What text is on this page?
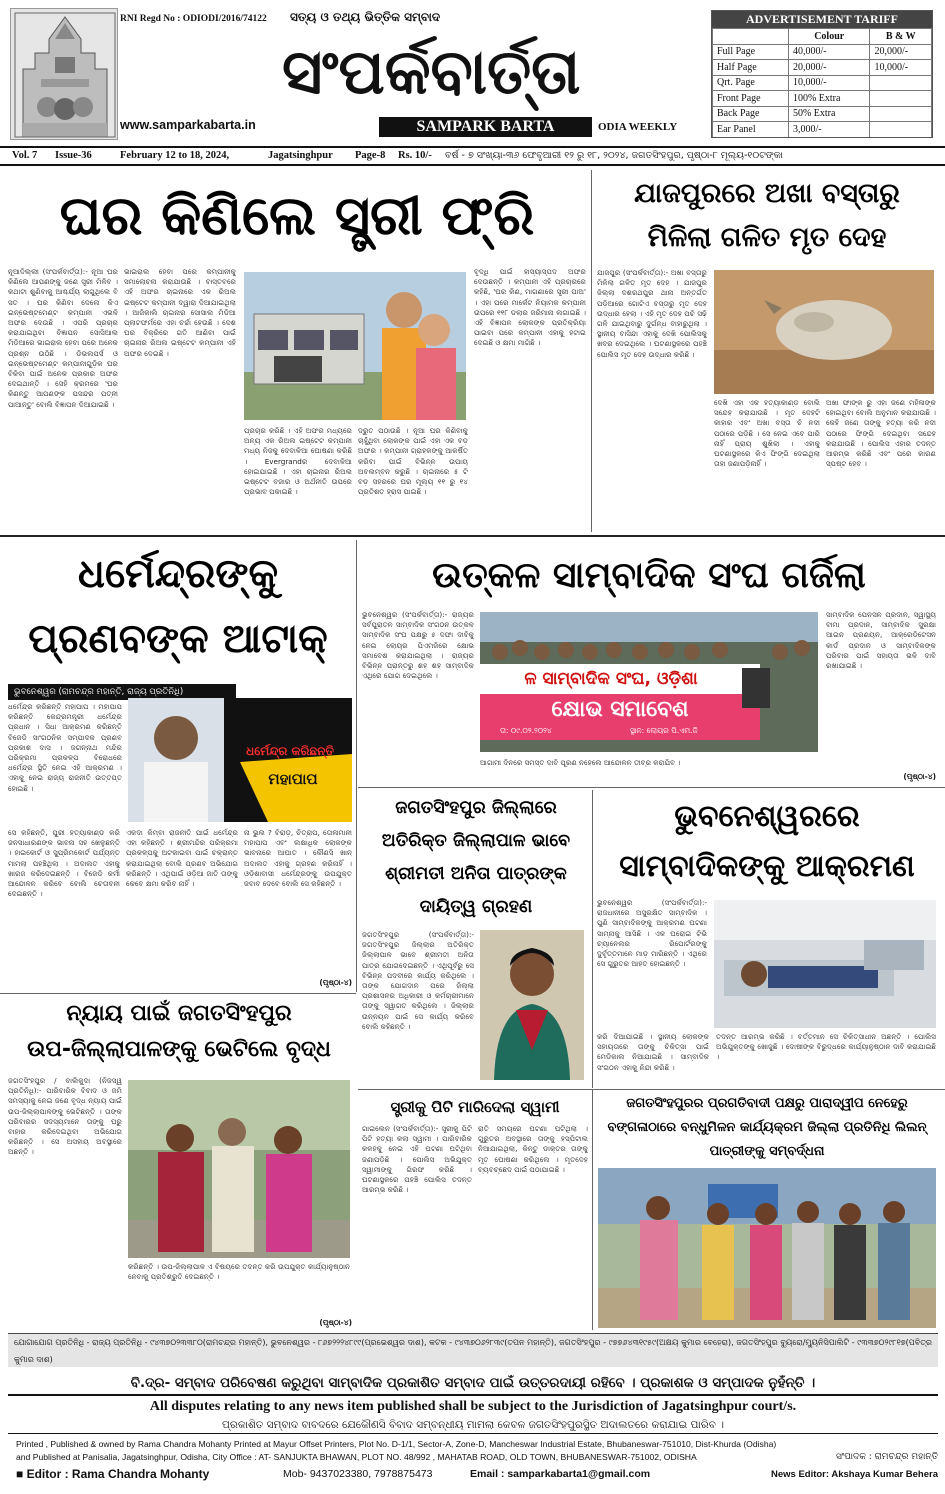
RNI Regd No : ODIODI/2016/74122	ସତ୍ୟ ଓ ତଥ୍ୟ ଭିତ୍ତିକ ସମ୍ବାଦ
ସଂପର୍କବାର୍ତ୍ତା
SAMPARK BARTA	ODIA WEEKLY
www.samparkabarta.in
ADVERTISEMENT TARIFF
	Colour	B & W
Full Page	40,000/-	20,000/-
Half Page	20,000/-	10,000/-
Qrt. Page	10,000/-	
Front Page	100% Extra	
Back Page	50% Extra	
Ear Panel	3,000/-	
Vol. 7 Issue-36	February 12 to 18, 2024,	Jagatsinghpur Page-8 Rs. 10/- ବର୍ଷ - ୭ ସଂଖ୍ୟା-୩୬ ଫେବୃଆରୀ ୧୨ ରୁ ୧୮, ୨୦୨୪, ଜଗତସିଂହପୁର, ପୃଷ୍ଠା-୮ ମୂଲ୍ୟ-୧୦ଟଙ୍କା
ଘର କିଣିଲେ ସ୍ତ୍ରୀ ଫ୍ରି
ନୂଆଦିଲ୍ଲୀ (ସଂପର୍କବାର୍ତ୍ତା):- ନୂଆ ଘର କିଣିଲେ ଆପଣଙ୍କୁ ଜଣେ ସ୍ତ୍ରୀ ମିଳିବ । କଥାଟା ଶୁଣିବାକୁ ଆଶ୍ଚର୍ଯ୍ୟ ଲାଗୁଥିଲେ ବି ସତ । ଘର କିଣିବା ଦେଲେ କିଏ ଇନ୍‌ଭେଷ୍ଟମେଣ୍ଟ କମ୍ପାନୀ ଏଭଳି ଅଫର ଦେଉଛି । ଏପରି ପ୍ରଚାର କରାଯାଇଥିବା ବିଜ୍ଞାପନ ସୋସିଆଲ ମିଡିଆରେ ଭାଇରାଲ ହେବା ପରେ ଅନେକ ପ୍ରଶ୍ନ ଉଠିଛି । ଡିଭଲପର୍ସ ଓ ଇନ୍‌ଭେଷ୍ଟମେଣ୍ଟ କମ୍ପାନୀଗୁଡ଼ିକ ଘର ବିକିବା ପାଇଁ ଅନେକ ପ୍ରକାର ଅଫର ଦେଇଥାନ୍ତି । ସେହି କ୍ରମରେ 'ଘର କିଣନ୍ତୁ ଆପଣଙ୍କ ପସନ୍ଦର ପତ୍ନୀ ପାଆନ୍ତୁ' ବୋଲି ବିଜ୍ଞାପନ ଦିଆଯାଇଛି ।
ଭାଇରାଲ ହେବା ପରେ କମ୍ପାନୀକୁ ସମାଲୋଚନା କରାଯାଉଛି । ବାସ୍ତବରେ ଏହି ଅଫର ଚାଇନାରେ ଏକ ରିଅଲ ଇଷ୍ଟେଟ କମ୍ପାନୀ ଦ୍ୱାରା ଦିଆଯାଇଥିଲା । ଆଜିକାଲି ଚାଇନାର ସୋସାଲ ମିଡିଆ ପ୍ଲାଟଫର୍ମରେ ଏହା ଚର୍ଚ୍ଚା ହେଉଛି । ଦେଶ ଘର ବିକ୍ରିରେ ଗତି ଆଣିବା ପାଇଁ ଚାଇନାର ରିଅଲ ଇଷ୍ଟେଟ କମ୍ପାନୀ ଏହି ଅଫର ଦେଇଛି ।
ପ୍ରଚାର କରିଛି । ଏହି ଅଫର ମଧ୍ୟରେ ଅନ୍ୟ ଏକ ରିଅଲ ଇଷ୍ଟେଟ କମ୍ପାନୀ ମଧ୍ୟ ନିଜକୁ ଦେବାଳିଆ ଘୋଷଣା କରିଛି । Evergrandର ଦେବାଳିଆ ହୋଇଯାଇଛି । ଏହା ଚାଇନାର ରିଅଲ ଇଷ୍ଟେଟ ବଜାର ଓ ଅର୍ଥନୀତି ଉପରେ ପ୍ରଭାବ ପକାଇଛି ।
ଦ୍ରୁତ ପଠାଉଛି । ନୂଆ ଘର କିଣିବାକୁ ଚାହୁଁଥିବା ଲୋକଙ୍କ ପାଇଁ ଏହା ଏକ ବଡ଼ ଅଫର । କମ୍ପାନୀ ଗ୍ରାହକଙ୍କୁ ଆକର୍ଷିତ କରିବା ପାଇଁ ବିଭିନ୍ନ ଉପାୟ ଅବଲମ୍ବନ କରୁଛି । ଚାଇନାରେ ୫ ଟି ବଡ଼ ସହରରେ ଘର ମୂଲ୍ୟ ୧୧ ରୁ ୧୪ ପ୍ରତିଶତ ହ୍ରାସ ପାଇଛି ।
ବୃଦ୍ଧି ପାଇଁ ହାସ୍ୟାସ୍ପଦ ଅଫର ଦେଉଛନ୍ତି । କମ୍ପାନୀ ଏହି ପ୍ରଚାରରେ କହିଛି, 'ଘର କିଣ, ମାଗଣାରେ ସ୍ତ୍ରୀ ପାଅ' । ଏହା ପରେ ମାର୍କେଟ ନିୟାମକ କମ୍ପାନୀ ଉପରେ ୧୧୮ ଡଲାର ଜରିମାନା ଲଗାଇଛି । ଏହି ବିଜ୍ଞାପନ ଲୋକଙ୍କ ପ୍ରତିକ୍ରିୟା ପାଇବା ପରେ କମ୍ପାନୀ ଏହାକୁ ହଟାଇ ଦେଇଛି ଓ କ୍ଷମା ମାଗିଛି ।
ଯାଜପୁରରେ ଅଖା ବସ୍ତାରୁ
ମିଳିଲା ଗଳିତ ମୃତ ଦେହ
ଯାଜପୁର (ସଂପର୍କବାର୍ତ୍ତା):- ଅଖା ବସ୍ତାରୁ ମିଳିଲା ଗଳିତ ମୃତ ଦେହ । ଯାଜପୁର ଜିଲ୍ଲା ଦଶରଥପୁର ଥାନା ଅନ୍ତର୍ଗତ ପଡ଼ିଆରେ ଗୋଟିଏ ବସ୍ତାରୁ ମୃତ ଦେହ ଉଦ୍ଧାର ହେଲା । ଏହି ମୃତ ଦେହ ପଚି ସଢ଼ି ଗଳି ଯାଇଥିବାରୁ ଦୁର୍ଗନ୍ଧ ବାହାରୁଥିଲା । ସ୍ଥାନୀୟ ବାସିନ୍ଦା ଏହାକୁ ଦେଖି ପୋଲିସକୁ ଖବର ଦେଇଥିଲେ । ଘଟଣାସ୍ଥଳରେ ପହଞ୍ଚି ପୋଲିସ ମୃତ ଦେହ ଉଦ୍ଧାର କରିଛି ।
ଦେଖି ଏହା ଏକ ହତ୍ୟାକାଣ୍ଡ ବୋଲି ସନ୍ଦେହ କରାଯାଉଛି । ମୃତ ଦେହଟି କାହାର ଏବଂ ଅଖା ବସ୍ତା ଚି ନଦୀ ପଠାରେ ପଡ଼ିଛି । ସେ ନେଇ ଏବେ ପାରି ନାହିଁ ପ୍ରାୟ ଶୁଖିଲା । ଏହାକୁ ଘଟଣାସ୍ଥଳରେ କିଏ ଫିଙ୍ଗି ଦେଇଥିଲା ତାହା ଜଣାପଡ଼ିନାହିଁ ।
ଅଖା ଫାଙ୍କ ରୁ ଏହା ଜଣେ ମହିଳାଙ୍କ ହୋଇଥିବା ବୋଲି ଅନୁମାନ କରାଯାଉଛି । କେହି ଜଣେ ତାଙ୍କୁ ହତ୍ୟା କରି ନଦୀ ପଠାରେ ଫିଙ୍ଗି ଦେଇଥିବା ସନ୍ଦେହ କରାଯାଉଛି । ପୋଲିସ ଏହାର ତଦନ୍ତ ଆରମ୍ଭ କରିଛି ଏବଂ ପରେ କାରଣ ସ୍ପଷ୍ଟ ହେବ ।
ଧର୍ମେନ୍ଦ୍ରଙ୍କୁ
ପ୍ରଣବଙ୍କ ଆଟାକ୍
ଭୁବନେଶ୍ୱର (ରାମଚନ୍ଦ୍ର ମହାନ୍ତି, ରାଜ୍ୟ ପ୍ରତିନିଧି)
ଧର୍ମେନ୍ଦ୍ର କରିଛନ୍ତି
ମହାପାପ
ଧର୍ମେନ୍ଦ୍ର କରିଛନ୍ତି ମହାପାପ । ମହାପାପ କରିଛନ୍ତି କେନ୍ଦ୍ରମନ୍ତ୍ରୀ ଧର୍ମେନ୍ଦ୍ର ପ୍ରଧାନ । ସିଧା ଆକ୍ରମଣ କରିଛନ୍ତି ବିଜେଡି ସାଂଗଠନିକ ସମ୍ପାଦକ ପ୍ରଣବ ପ୍ରକାଶ ଦାସ । ଜଗନ୍ନାଥ ମନ୍ଦିର ପରିକ୍ରମା ପ୍ରକଳ୍ପ ବିରୋଧରେ ଧର୍ମେନ୍ଦ୍ର ସ୍ଥିତି ନେଇ ଏହି ଆକ୍ରମଣ । ଏହାକୁ ନେଇ ରାଜ୍ୟ ରାଜନୀତି ଉତ୍ତପ୍ତ ହୋଇଛି ।
ସେ କହିଛନ୍ତି, ପୁରୀ ହତ୍ୟାକାଣ୍ଡ କରି ଜନସାଧାରଣଙ୍କ ଭାବନା ସହ ଖେଳୁଛନ୍ତି । ହାଇକୋର୍ଟ ଓ ସୁପ୍ରିମକୋର୍ଟ ପର୍ଯ୍ୟନ୍ତ ମାମଲା ପହଞ୍ଚିଥିଲା । ଅଦାଲତ ଏହାକୁ ଖାରଜ କରିଦେଇଛନ୍ତି । ବିଜେଡି କର୍ମୀ ଆନ୍ଦୋଳନ କରିବେ ବୋଲି ଚେତାବନୀ ଦେଇଛନ୍ତି ।
ଏକଦା କିମ୍ବା ରାଜନୀତି ପାଇଁ ଧର୍ମେନ୍ଦ୍ର ଏହା କହିଛନ୍ତି । ଶ୍ରୀମନ୍ଦିର ପରିକ୍ରମା ପ୍ରକଳ୍ପକୁ ଅଟକାଇବା ପାଇଁ ଚକ୍ରାନ୍ତ କରାଯାଇଥିଲା ବୋଲି ପ୍ରଣବ ଅଭିଯୋଗ କରିଛନ୍ତି । ଏଥିପାଇଁ ଓଡ଼ିଆ ଜାତି ତାଙ୍କୁ କେବେ କ୍ଷମା କରିବ ନାହିଁ ।
ନା ଭୁଲ ? ବିରାଡ଼, ଚିତ୍ରାପ, ତୋଳାମାନୀ ମହାପାପ ଏବଂ ଲକ୍ଷାଧିକ ଲୋକଙ୍କ ଭାବନାରେ ଆଘାତ । କୌଣସି ଖାନ୍ ଅଦାଲତ ଏହାକୁ ଗ୍ରହଣ କରିନାହିଁ । ଓଡ଼ିଶାବାସୀ ଧର୍ମେନ୍ଦ୍ରଙ୍କୁ ଉପଯୁକ୍ତ ଜବାବ ଦେବେ ବୋଲି ସେ କହିଛନ୍ତି ।
(ପୃଷ୍ଠା-୪)
ଉତ୍କଳ ସାମ୍ବାଦିକ ସଂଘ ଗର୍ଜିଲା
ଭୁବନେଶ୍ୱର (ସଂପର୍କବାର୍ତ୍ତା):- ରାଜ୍ୟର ସର୍ବପୁରାତନ ସାମ୍ବାଦିକ ସଂଗଠନ ଉତ୍କଳ ସାମ୍ବାଦିକ ସଂଘ ପକ୍ଷରୁ ୫ ଦଫା ଦାବିକୁ ନେଇ ଲୋୟର ପିଏମଜିରେ କ୍ଷୋଭ ସମାବେଶ କରାଯାଇଥିଲା । ରାଜ୍ୟର ବିଭିନ୍ନ ପ୍ରାନ୍ତରୁ ଶହ ଶହ ସାମ୍ବାଦିକ ଏଥିରେ ଯୋଗ ଦେଇଥିଲେ ।	ଳ ସାମ୍ବାଦିକ ସଂଘ, ଓଡ଼ିଶା
କ୍ଷୋଭ ସମାବେଶ
ତା: ୦୯.୦୨.୨୦୨୪	ସ୍ଥାନ: ଲୋୟର ପି.ଏମ.ଜି
ଆଗାମୀ ଦିନରେ ସମସ୍ତ ଦାବି ପୂରଣ ନହେଲେ ଆନ୍ଦୋଳନ ତୀବ୍ର କରାଯିବ ।
ସାମ୍ବାଦିକ ପେନସନ ପ୍ରଦାନ, ସ୍ୱାସ୍ଥ୍ୟ ବୀମା ପ୍ରଦାନ, ସାମ୍ବାଦିକ ସୁରକ୍ଷା ଆଇନ ପ୍ରଣୟନ, ଆକ୍ରେଡିଟେସନ କାର୍ଡ ପ୍ରଦାନ ଓ ସାମ୍ବାଦିକଙ୍କ ପରିବାର ପାଇଁ ସହାୟତା ଭଳି ଦାବି ରଖାଯାଇଛି ।
(ପୃଷ୍ଠା-୪)
ଜଗତସିଂହପୁର ଜିଲ୍ଲାରେ ଅତିରିକ୍ତ ଜିଲ୍ଲାପାଳ ଭାବେ ଶ୍ରୀମତୀ ଅନିତା ପାତ୍ରଙ୍କ ଦାୟିତ୍ୱ ଗ୍ରହଣ
ଜଗତସିଂହପୁର (ସଂପର୍କବାର୍ତ୍ତା):- ଜଗତସିଂହପୁର ଜିଲ୍ଲାର ଅତିରିକ୍ତ ଜିଲ୍ଲାପାଳ ଭାବେ ଶ୍ରୀମତୀ ଅନିତା ପାତ୍ର ଯୋଗଦେଇଛନ୍ତି । ଏଥିପୂର୍ବରୁ ସେ ବିଭିନ୍ନ ପଦବୀରେ କାର୍ଯ୍ୟ କରିଥିଲେ । ତାଙ୍କ ଯୋଗଦାନ ପରେ ଜିଲ୍ଲା ପ୍ରଶାସନର ଅଧିକାରୀ ଓ କର୍ମଚାରୀମାନେ ତାଙ୍କୁ ସ୍ୱାଗତ କରିଥିଲେ । ଜିଲ୍ଲାର ଉନ୍ନୟନ ପାଇଁ ସେ କାର୍ଯ୍ୟ କରିବେ ବୋଲି କହିଛନ୍ତି ।
ଭୁବନେଶ୍ୱରରେ
ସାମ୍ବାଦିକଙ୍କୁ ଆକ୍ରମଣ
ଭୁବନେଶ୍ୱର (ସଂପର୍କବାର୍ତ୍ତା):- ରାଜଧାନୀରେ ଅସୁରକ୍ଷିତ ସାମ୍ବାଦିକ । ପୁଣି ସାମ୍ବାଦିକଙ୍କୁ ଆକ୍ରମଣ ଘଟଣା ସାମ୍ନାକୁ ଆସିଛି । ଏକ ଘରୋଇ ଟିଭି ଚ୍ୟାନେଲର ରିପୋର୍ଟରଙ୍କୁ ଦୁର୍ବୃତ୍ତମାନେ ମାଡ଼ ମାରିଛନ୍ତି । ଏଥିରେ ସେ ଗୁରୁତର ଆହତ ହୋଇଛନ୍ତି ।
କରି ଦିଆଯାଇଛି । ସ୍ଥାନୀୟ ଲୋକଙ୍କ ସହାୟତାରେ ତାଙ୍କୁ ଚିକିତ୍ସା ପାଇଁ ମେଡିକାଲ ନିଆଯାଇଛି । ସାମ୍ବାଦିକ ସଂଗଠନ ଏହାକୁ ନିନ୍ଦା କରିଛି ।
ତଦନ୍ତ ଆରମ୍ଭ କରିଛି । ବର୍ତ୍ତମାନ ସେ ଚିକିତ୍ସାଧୀନ ଅଛନ୍ତି । ପୋଲିସ ଅଭିଯୁକ୍ତଙ୍କୁ ଖୋଜୁଛି । ଦୋଷୀଙ୍କ ବିରୁଦ୍ଧରେ କାର୍ଯ୍ୟାନୁଷ୍ଠାନ ଦାବି କରାଯାଇଛି ।
ନ୍ୟାୟ ପାଇଁ ଜଗତସିଂହପୁର
ଉପ-ଜିଲ୍ଲାପାଳଙ୍କୁ ଭେଟିଲେ ବୃଦ୍ଧ
ଜଗତସିଂହପୁର / ବାଲିକୁଦା (ନିଜସ୍ୱ ପ୍ରତିନିଧି):- ପାରିବାରିକ ବିବାଦ ଓ ଜମି ସମସ୍ୟାକୁ ନେଇ ଜଣେ ବୃଦ୍ଧ ନ୍ୟାୟ ପାଇଁ ଉପ-ଜିଲ୍ଲାପାଳଙ୍କୁ ଭେଟିଛନ୍ତି । ତାଙ୍କ ପରିବାରର ସଦସ୍ୟମାନେ ତାଙ୍କୁ ଘରୁ ବାହାର କରିଦେଇଥିବା ଅଭିଯୋଗ କରିଛନ୍ତି । ସେ ଅସହାୟ ଅବସ୍ଥାରେ ଅଛନ୍ତି ।
କରିଛନ୍ତି । ଉପ-ଜିଲ୍ଲାପାଳ ଏ ବିଷୟରେ ତଦନ୍ତ କରି ଉପଯୁକ୍ତ କାର୍ଯ୍ୟାନୁଷ୍ଠାନ ନେବାକୁ ପ୍ରତିଶ୍ରୁତି ଦେଇଛନ୍ତି ।
(ପୃଷ୍ଠା-୪)
ସ୍ତ୍ରୀକୁ ପିଟି ମାରିଦେଲା ସ୍ୱାମୀ
ଗାଇଲେନ (ସଂପର୍କବାର୍ତ୍ତା):- ସ୍ତ୍ରୀକୁ ପିଟି ପିଟି ହତ୍ୟା କଲା ସ୍ୱାମୀ । ପାରିବାରିକ କଳହକୁ ନେଇ ଏହି ଘଟଣା ଘଟିଥିବା ଜଣାପଡ଼ିଛି । ପୋଲିସ ଅଭିଯୁକ୍ତ ସ୍ୱାମୀଙ୍କୁ ଗିରଫ କରିଛି । ଘଟଣାସ୍ଥଳରେ ପହଞ୍ଚି ପୋଲିସ ତଦନ୍ତ ଆରମ୍ଭ କରିଛି ।
ରାତି ସମୟରେ ଘଟଣା ଘଟିଥିଲା । ଗୁରୁତର ଅବସ୍ଥାରେ ତାଙ୍କୁ ହସ୍ପିଟାଲ ନିଆଯାଇଥିଲା, କିନ୍ତୁ ଡାକ୍ତର ତାଙ୍କୁ ମୃତ ଘୋଷଣା କରିଥିଲେ । ମୃତଦେହ ବ୍ୟବଚ୍ଛେଦ ପାଇଁ ପଠାଯାଇଛି ।
ଜଗତସିଂହପୁରର ପ୍ରଗତିବାଦୀ ପକ୍ଷରୁ ପାରାଦ୍ୱୀପ ନେହେରୁ ବଙ୍ଗଳାଠାରେ ବନ୍ଧୁମିଳନ କାର୍ଯ୍ୟକ୍ରମ ଜିଲ୍ଲା ପ୍ରତିନିଧି ଲିଲନ୍ ପାତ୍ରୀଙ୍କୁ ସମ୍ବର୍ଦ୍ଧନା
ଯୋଗାଯୋଗ ପ୍ରତିନିଧି - ରାଜ୍ୟ ପ୍ରତିନିଧି - ୯୪୩୭୦୨୩୩୮୦(ରାମଚନ୍ଦ୍ର ମହାନ୍ତି), ଭୁବନେଶ୍ୱର - ୮୬୭୨୨୨୪୮୯୯(ପ୍ରଭେଶ୍ୱର ଦାଶ), କଟକ - ୯୪୩୭୦୬୨୮୩୯(ତପନ ମହାନ୍ତି), ଜଗତସିଂହପୁର - ୯୭୭୬୪୩୧୯୫୯(ଅକ୍ଷୟ କୁମାର ବେହେରା), ଜଗତସିଂହପୁର ବ୍ୟୁରୋ/ମ୍ୟୁନିସିପାଲିଟି - ୯୩୩୭୦୨୯୮୧୭(ପବିତ୍ର କୁମାର ଦାଶ)
ବି.ଦ୍ର- ସମ୍ବାଦ ପରିବେଷଣ କରୁଥିବା ସାମ୍ବାଦିକ ପ୍ରକାଶିତ ସମ୍ବାଦ ପାଇଁ ଉତ୍ତରଦାୟୀ ରହିବେ । ପ୍ରକାଶକ ଓ ସମ୍ପାଦକ ନୁହଁନ୍ତି ।
All disputes relating to any news item published shall be subject to the Jurisdiction of Jagatsinghpur court/s.
ପ୍ରକାଶିତ ସମ୍ବାଦ ବାବଦରେ ଯେକୌଣସି ବିବାଦ ସମ୍ବନ୍ଧୀୟ ମାମଲା କେବଳ ଜଗତସିଂହପୁରସ୍ଥିତ ଅଦାଲତରେ କରାଯାଇ ପାରିବ ।
Printed , Published & owned by Rama Chandra Mohanty Printed at Mayur Offset Printers, Plot No. D-1/1, Sector-A, Zone-D, Mancheswar Industrial Estate, Bhubaneswar-751010, Dist-Khurda (Odisha)
and Published at Panisalia, Jagatsinghpur, Odisha, City Office : AT- SANJUKTA BHAWAN, PLOT NO. 48/992 , MAHATAB ROAD, OLD TOWN, BHUBANESWAR-751002, ODISHA	ସଂପାଦକ : ରାମଚନ୍ଦ୍ର ମହାନ୍ତି
■ Editor : Rama Chandra Mohanty	Mob- 9437023380, 7978875473	Email : samparkabarta1@gmail.com	News Editor: Akshaya Kumar Behera
